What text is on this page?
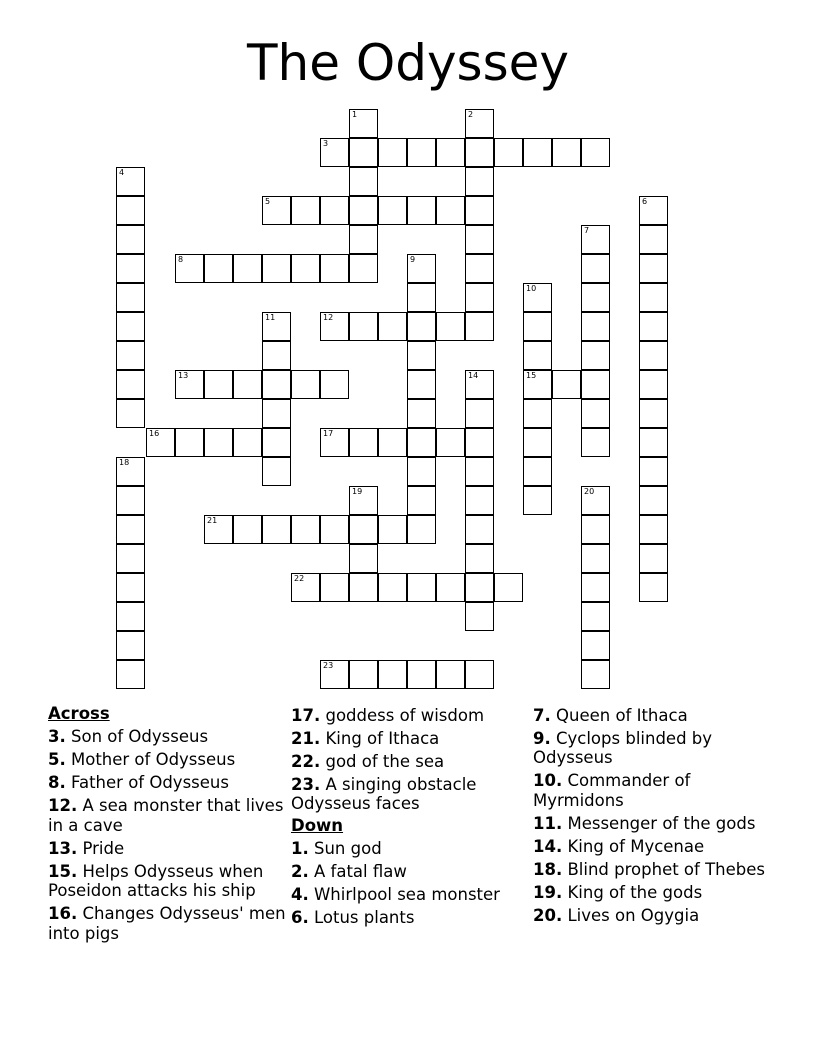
The Odyssey
1	2
3
4
5	6
7
8	9
10
11	12
13	14	15
16	17
18
19	20
21
22
23
Across
3. Son of Odysseus
5. Mother of Odysseus
8. Father of Odysseus
12. A sea monster that lives in a cave
13. Pride
15. Helps Odysseus when Poseidon attacks his ship
16. Changes Odysseus' men into pigs
17. goddess of wisdom
21. King of Ithaca
22. god of the sea
23. A singing obstacle Odysseus faces
Down
1. Sun god
2. A fatal flaw
4. Whirlpool sea monster
6. Lotus plants
7. Queen of Ithaca
9. Cyclops blinded by Odysseus
10. Commander of Myrmidons
11. Messenger of the gods
14. King of Mycenae
18. Blind prophet of Thebes
19. King of the gods
20. Lives on Ogygia
